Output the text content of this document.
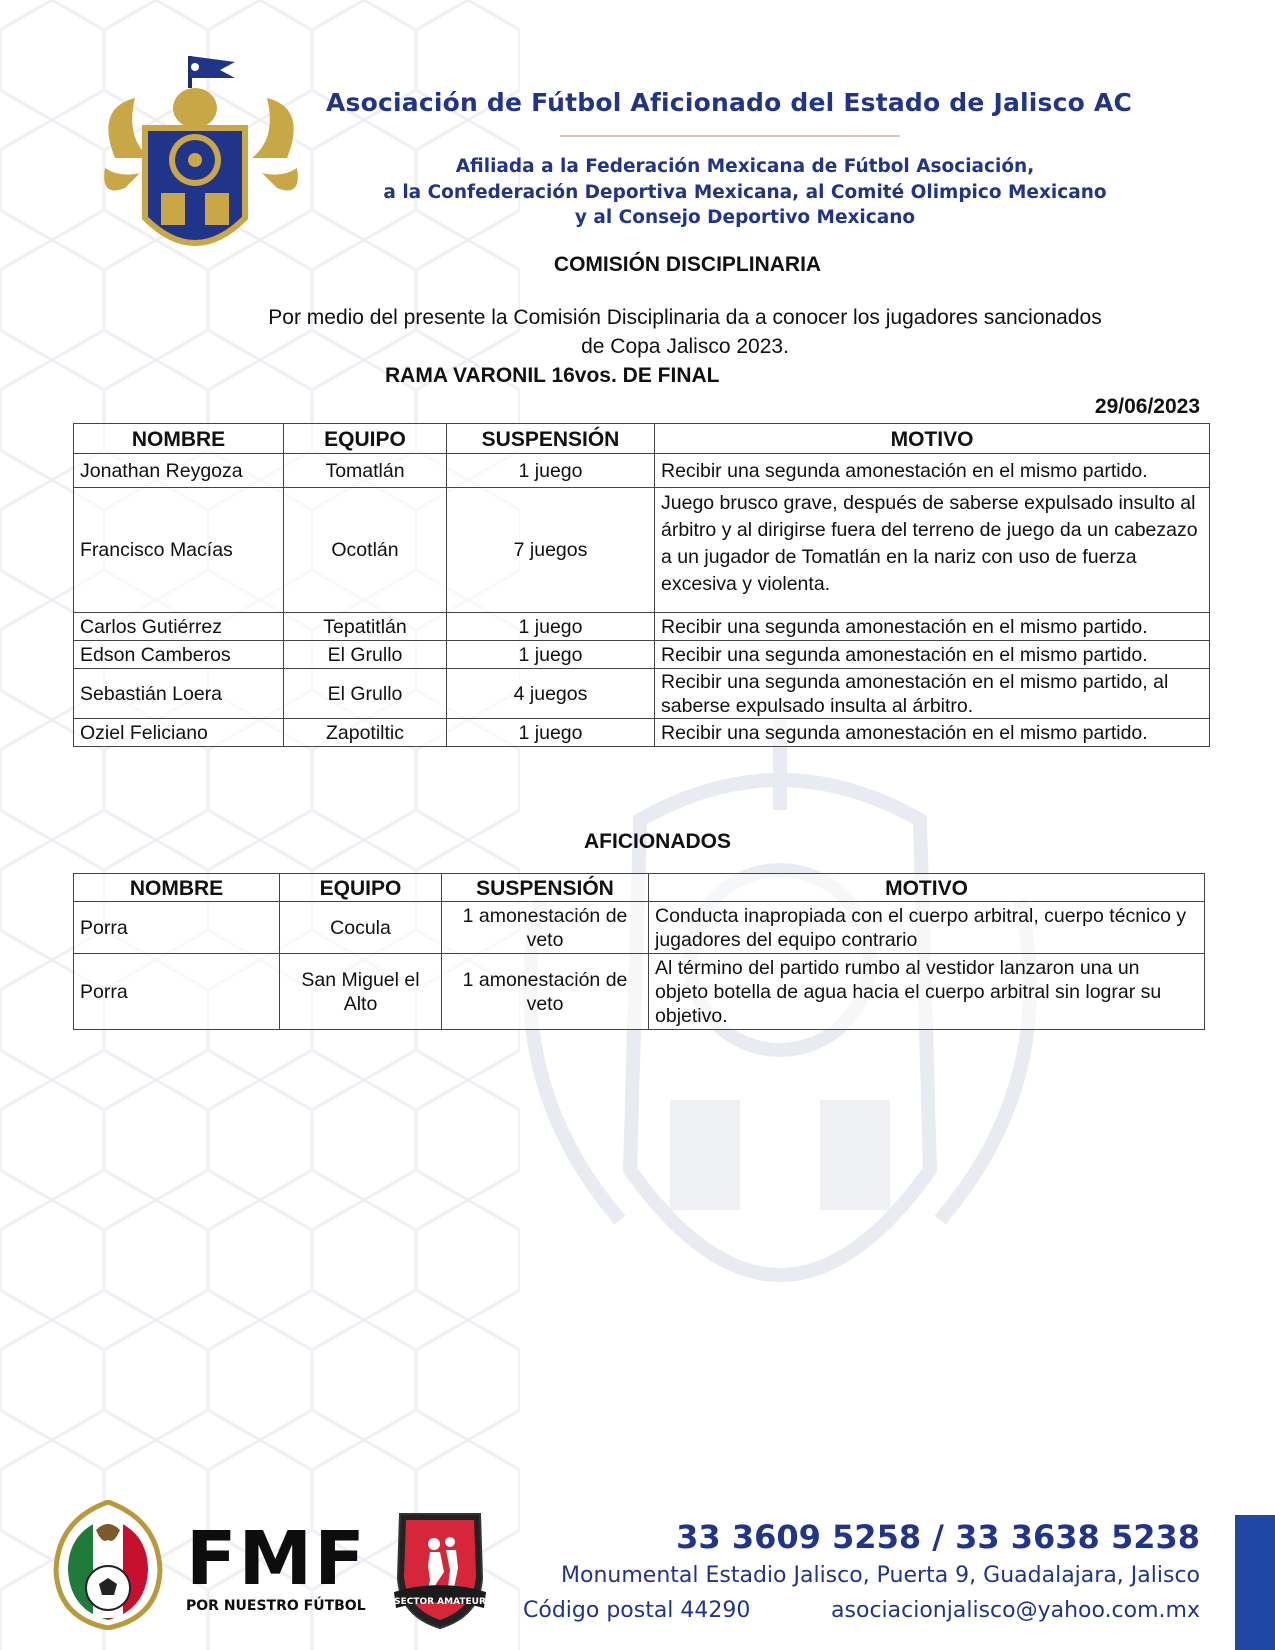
Asociación de Fútbol Aficionado del Estado de Jalisco AC
Afiliada a la Federación Mexicana de Fútbol Asociación,
a la Confederación Deportiva Mexicana, al Comité Olimpico Mexicano
y al Consejo Deportivo Mexicano
COMISIÓN DISCIPLINARIA
Por medio del presente la Comisión Disciplinaria da a conocer los jugadores sancionados
de Copa Jalisco 2023.
RAMA VARONIL 16vos. DE FINAL
29/06/2023
NOMBRE	EQUIPO	SUSPENSIÓN	MOTIVO
Jonathan Reygoza	Tomatlán	1 juego	Recibir una segunda amonestación en el mismo partido.
Francisco Macías	Ocotlán	7 juegos	Juego brusco grave, después de saberse expulsado insulto al árbitro y al dirigirse fuera del terreno de juego da un cabezazo a un jugador de Tomatlán en la nariz con uso de fuerza excesiva y violenta.
Carlos Gutiérrez	Tepatitlán	1 juego	Recibir una segunda amonestación en el mismo partido.
Edson Camberos	El Grullo	1 juego	Recibir una segunda amonestación en el mismo partido.
Sebastián Loera	El Grullo	4 juegos	Recibir una segunda amonestación en el mismo partido, al saberse expulsado insulta al árbitro.
Oziel Feliciano	Zapotiltic	1 juego	Recibir una segunda amonestación en el mismo partido.
AFICIONADOS
NOMBRE	EQUIPO	SUSPENSIÓN	MOTIVO
Porra	Cocula	1 amonestación de veto	Conducta inapropiada con el cuerpo arbitral, cuerpo técnico y jugadores del equipo contrario
Porra	San Miguel el Alto	1 amonestación de veto	Al término del partido rumbo al vestidor lanzaron una un objeto botella de agua hacia el cuerpo arbitral sin lograr su objetivo.
FMF
POR NUESTRO FÚTBOL	SECTOR AMATEUR
33 3609 5258 / 33 3638 5238
Monumental Estadio Jalisco, Puerta 9, Guadalajara, Jalisco
Código postal 44290	asociacionjalisco@yahoo.com.mx
